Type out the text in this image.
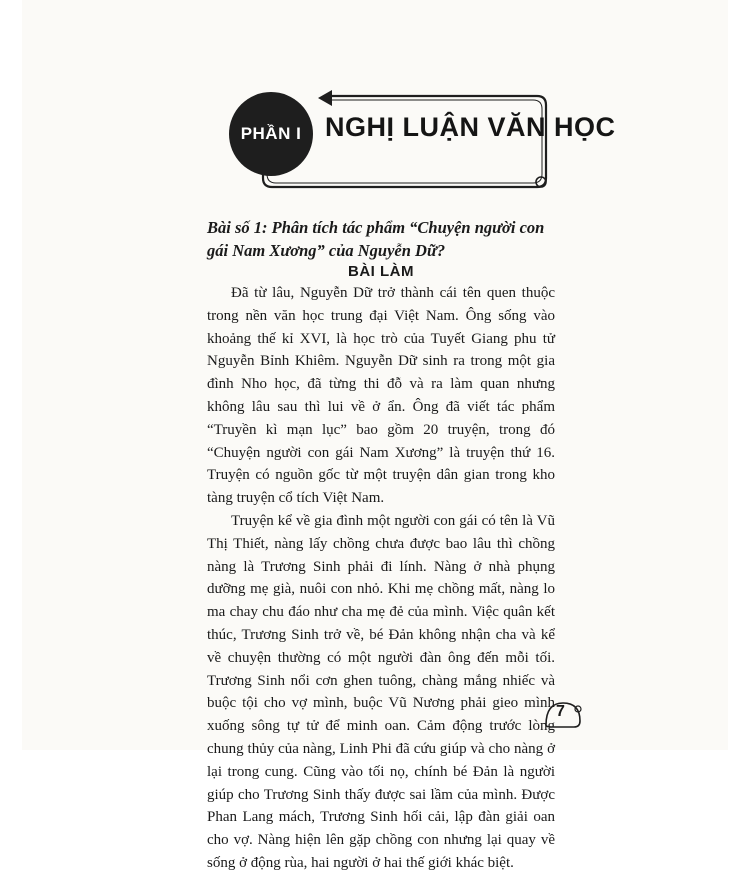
PHẦN I NGHỊ LUẬN VĂN HỌC

Bài số 1: Phân tích tác phẩm “Chuyện người con gái Nam Xương” của Nguyễn Dữ?

BÀI LÀM

Đã từ lâu, Nguyễn Dữ trở thành cái tên quen thuộc trong nền văn học trung đại Việt Nam. Ông sống vào khoảng thế kỉ XVI, là học trò của Tuyết Giang phu tử Nguyễn Bỉnh Khiêm. Nguyễn Dữ sinh ra trong một gia đình Nho học, đã từng thi đỗ và ra làm quan nhưng không lâu sau thì lui về ở ẩn. Ông đã viết tác phẩm “Truyền kì mạn lục” bao gồm 20 truyện, trong đó “Chuyện người con gái Nam Xương” là truyện thứ 16. Truyện có nguồn gốc từ một truyện dân gian trong kho tàng truyện cổ tích Việt Nam.

Truyện kể về gia đình một người con gái có tên là Vũ Thị Thiết, nàng lấy chồng chưa được bao lâu thì chồng nàng là Trương Sinh phải đi lính. Nàng ở nhà phụng dưỡng mẹ già, nuôi con nhỏ. Khi mẹ chồng mất, nàng lo ma chay chu đáo như cha mẹ đẻ của mình. Việc quân kết thúc, Trương Sinh trở về, bé Đản không nhận cha và kể về chuyện thường có một người đàn ông đến mỗi tối. Trương Sinh nổi cơn ghen tuông, chàng mắng nhiếc và buộc tội cho vợ mình, buộc Vũ Nương phải gieo mình xuống sông tự tử để minh oan. Cảm động trước lòng chung thủy của nàng, Linh Phi đã cứu giúp và cho nàng ở lại trong cung. Cũng vào tối nọ, chính bé Đản là người giúp cho Trương Sinh thấy được sai lầm của mình. Được Phan Lang mách, Trương Sinh hối cải, lập đàn giải oan cho vợ. Nàng hiện lên gặp chồng con nhưng lại quay về sống ở động rùa, hai người ở hai thế giới khác biệt.

7
